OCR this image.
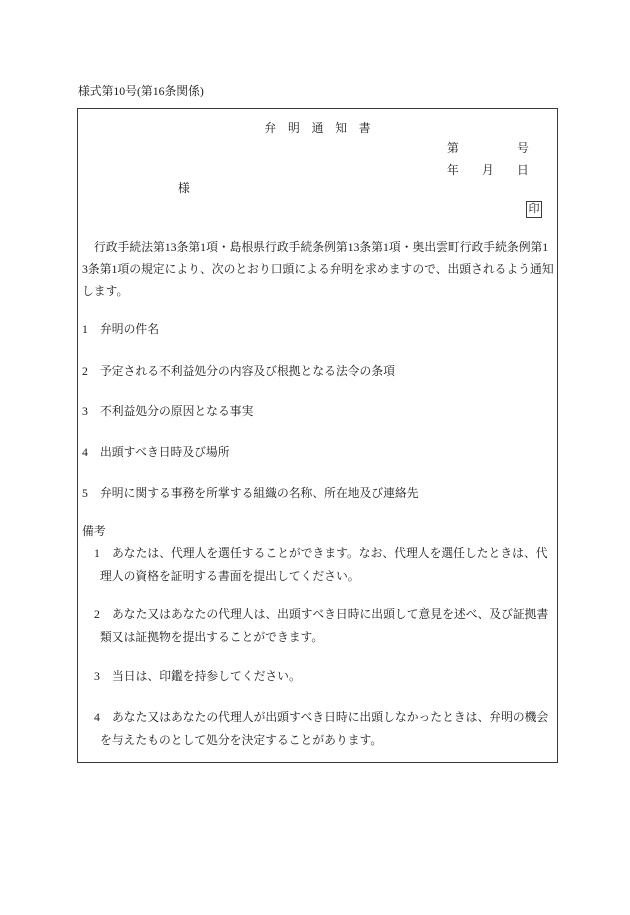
様式第10号(第16条関係)
弁　明　通　知　書
第	号
年 月 日
様
印
行政手続法第13条第1項・島根県行政手続条例第13条第1項・奥出雲町行政手続条例第1
3条第1項の規定により、次のとおり口頭による弁明を求めますので、出頭されるよう通知
します。
1 弁明の件名
2 予定される不利益処分の内容及び根拠となる法令の条項
3 不利益処分の原因となる事実
4 出頭すべき日時及び場所
5 弁明に関する事務を所掌する組織の名称、所在地及び連絡先
備考
1 あなたは、代理人を選任することができます。なお、代理人を選任したときは、代
理人の資格を証明する書面を提出してください。
2 あなた又はあなたの代理人は、出頭すべき日時に出頭して意見を述べ、及び証拠書
類又は証拠物を提出することができます。
3 当日は、印鑑を持参してください。
4 あなた又はあなたの代理人が出頭すべき日時に出頭しなかったときは、弁明の機会
を与えたものとして処分を決定することがあります。
